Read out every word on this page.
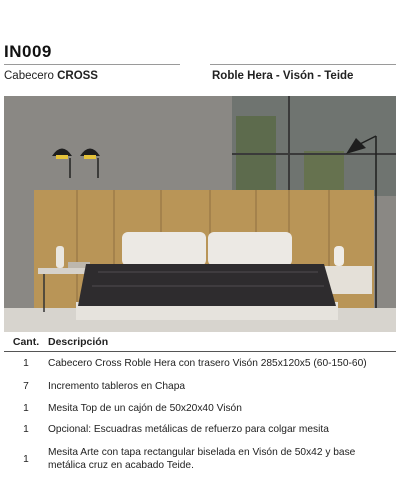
IN009
Cabecero CROSS	Roble Hera - Visón - Teide
Cant.	Descripción
1	Cabecero Cross Roble Hera con trasero Visón 285x120x5 (60-150-60)
7	Incremento tableros en Chapa
1	Mesita Top de un cajón de 50x20x40 Visón
1	Opcional: Escuadras metálicas de refuerzo para colgar mesita
1	Mesita Arte con tapa rectangular biselada en Visón de 50x42 y base metálica cruz en acabado Teide.
